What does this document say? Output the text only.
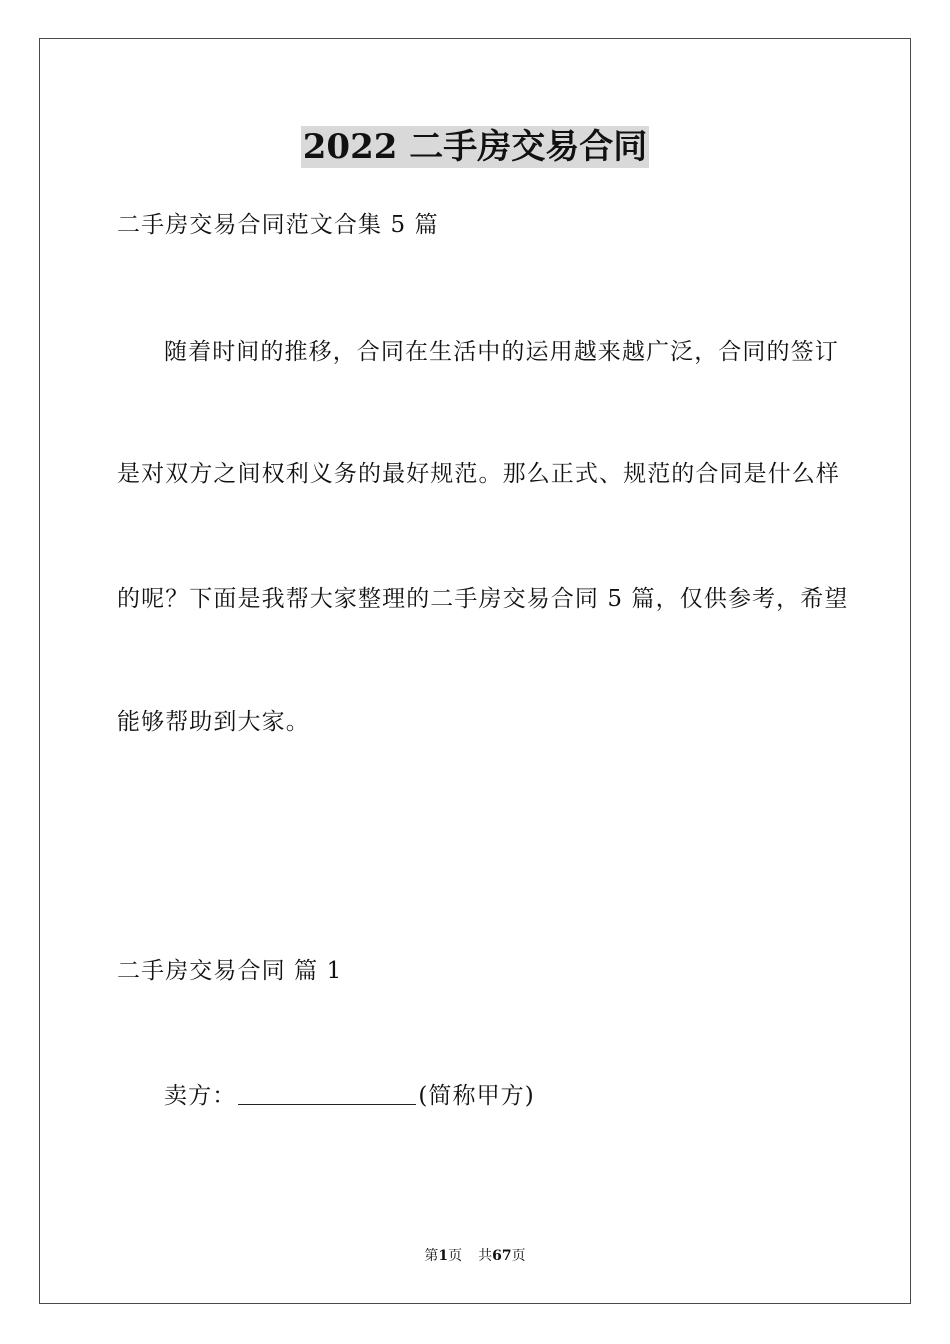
2022 二手房交易合同
二手房交易合同范文合集 5 篇
随着时间的推移，合同在生活中的运用越来越广泛，合同的签订
是对双方之间权利义务的最好规范。那么正式、规范的合同是什么样
的呢？下面是我帮大家整理的二手房交易合同 5 篇，仅供参考，希望
能够帮助到大家。
二手房交易合同 篇 1
卖方：	(简称甲方)
第1页 共67页
